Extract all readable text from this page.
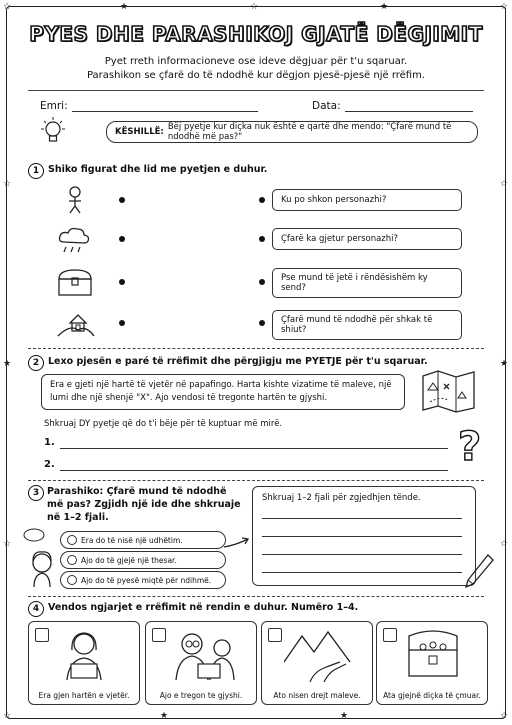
☆	☆
☆	☆
★	☆	★
☆	☆
★	★
☆	☆
★	★
PYES DHE PARASHIKOJ GJATË DËGJIMIT
Pyet rreth informacioneve ose ideve dëgjuar për t'u sqaruar.
Parashikon se çfarë do të ndodhë kur dëgjon pjesë-pjesë një rrëfim.
Emri:	Data:
KËSHILLË: Bëj pyetje kur diçka nuk është e qartë dhe mendo: "Çfarë mund të ndodhë më pas?"
1 Shiko figurat dhe lid me pyetjen e duhur.
Ku po shkon personazhi?
Çfarë ka gjetur personazhi?
Pse mund të jetë i rëndësishëm ky send?
Çfarë mund të ndodhë për shkak të shiut?
2 Lexo pjesën e paré të rrëfimit dhe përgjigju me PYETJE për t'u sqaruar.
Era e gjeti një hartë të vjetër në papafingo. Harta kishte vizatime të maleve, një lumi dhe një shenjë "X". Ajo vendosi të tregonte hartën te gjyshi.
Shkruaj DY pyetje që do t'i bëje për të kuptuar më mirë.
1.
2.	?
3 Parashiko: Çfarë mund të ndodhë
më pas? Zgjidh një ide dhe shkruaje
në 1–2 fjali.
Era do të nisë një udhëtim.
Ajo do të gjejë një thesar.
Ajo do të pyesë miqtë për ndihmë.
Shkruaj 1–2 fjali për zgjedhjen tënde.
4 Vendos ngjarjet e rrëfimit në rendin e duhur. Numëro 1–4.
Era gjen hartën e vjetër.	Ajo e tregon te gjyshi.	Ato nisen drejt maleve.	Ata gjejnë diçka të çmuar.
